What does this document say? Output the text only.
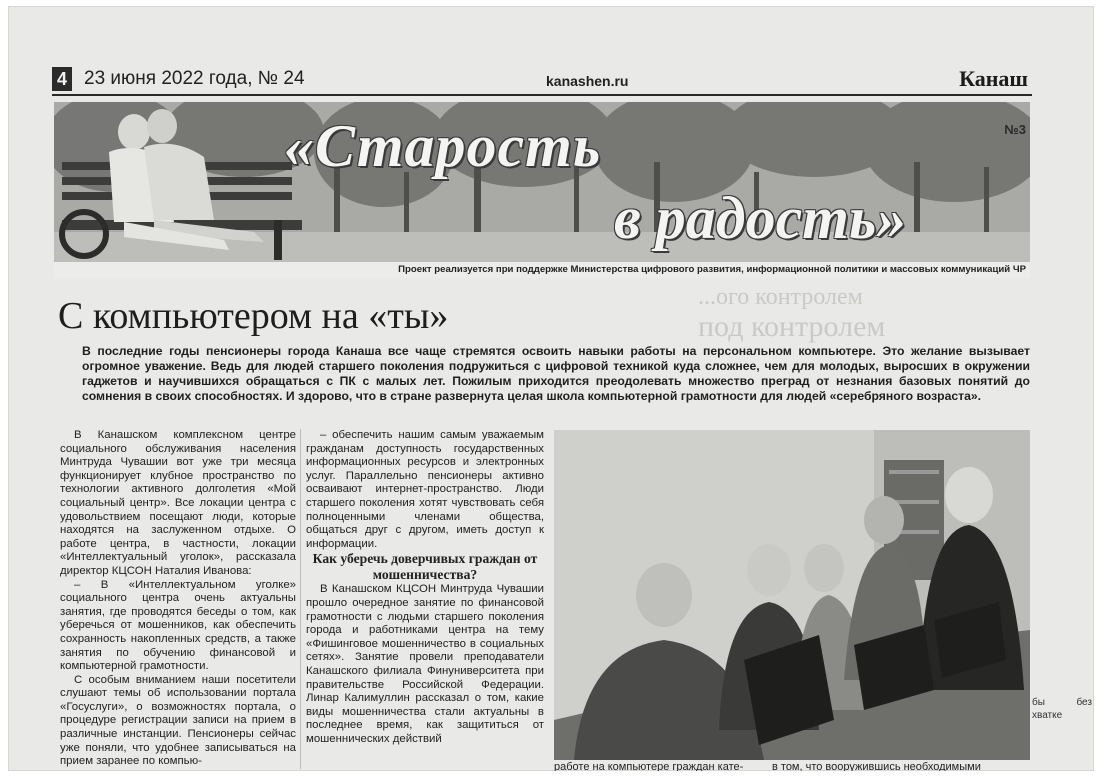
4 23 июня 2022 года, № 24	kanashen.ru	Канаш
«Старость
в радость»
№3
Проект реализуется при поддержке Министерства цифрового развития, информационной политики и массовых коммуникаций ЧР
...ого контролем
под контролем
С компьютером на «ты»
В последние годы пенсионеры города Канаша все чаще стремятся освоить навыки работы на персональном компьютере. Это желание вызывает огромное уважение. Ведь для людей старшего поколения подружиться с цифровой техникой куда сложнее, чем для молодых, выросших в окружении гаджетов и научившихся обращаться с ПК с малых лет. Пожилым приходится преодолевать множество преград от незнания базовых понятий до сомнения в своих способностях. И здорово, что в стране развернута целая школа компьютерной грамотности для людей «серебряного возраста».

В Канашском комплексном центре социального обслуживания населения Минтруда Чувашии вот уже три месяца функционирует клубное пространство по технологии активного долголетия «Мой социальный центр». Все локации центра с удовольствием посещают люди, которые находятся на заслуженном отдыхе. О работе центра, в частности, локации «Интеллектуальный уголок», рассказала директор КЦСОН Наталия Иванова:

– В «Интеллектуальном уголке» социального центра очень актуальны занятия, где проводятся беседы о том, как уберечься от мошенников, как обеспечить сохранность накопленных средств, а также занятия по обучению финансовой и компьютерной грамотности.

С особым вниманием наши посетители слушают темы об использовании портала «Госуслуги», о возможностях портала, о процедуре регистрации записи на прием в различные инстанции. Пенсионеры сейчас уже поняли, что удобнее записываться на прием заранее по компью-

– обеспечить нашим самым уважаемым гражданам доступность государственных информационных ресурсов и электронных услуг. Параллельно пенсионеры активно осваивают интернет-пространство. Люди старшего поколения хотят чувствовать себя полноценными членами общества, общаться друг с другом, иметь доступ к информации.

Как уберечь доверчивых граждан от мошенничества?

В Канашском КЦСОН Минтруда Чувашии прошло очередное занятие по финансовой грамотности с людьми старшего поколения города и работниками центра на тему «Фишинговое мошенничество в социальных сетях». Занятие провели преподаватели Канашского филиала Финуниверситета при правительстве Российской Федерации. Линар Калимуллин рассказал о том, какие виды мошенничества стали актуальны в последнее время, как защититься от мошеннических действий

в том, что вооружившись необходимыми
работе на компьютере граждан кате-
бы без хватке
